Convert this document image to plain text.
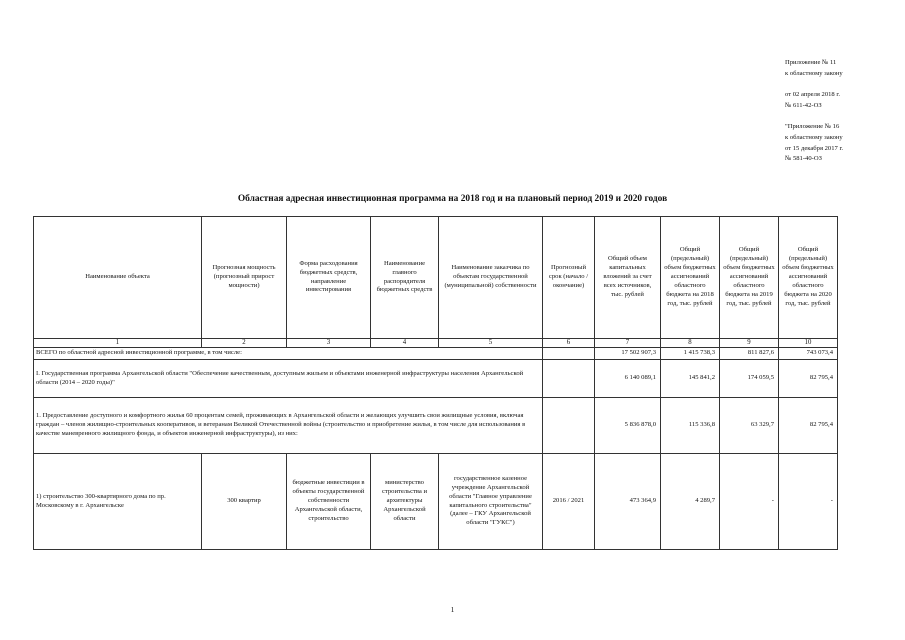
Приложение № 11
к областному закону
от 02 апреля 2018 г.
№ 611-42-ОЗ
"Приложение № 16
к областному закону
от 15 декабря 2017 г.
№ 581-40-ОЗ
Областная адресная инвестиционная программа на 2018 год и на плановый период 2019 и 2020 годов
Наименование объекта	Прогнозная мощность (прогнозный прирост мощности)	Форма расходования бюджетных средств, направление инвестирования	Наименование главного распорядителя бюджетных средств	Наименование заказчика по объектам государственной (муниципальной) собственности	Прогнозный срок (начало / окончание)	Общий объем капитальных вложений за счет всех источников, тыс. рублей	Общий (предельный) объем бюджетных ассигнований областного бюджета на 2018 год, тыс. рублей	Общий (предельный) объем бюджетных ассигнований областного бюджета на 2019 год, тыс. рублей	Общий (предельный) объем бюджетных ассигнований областного бюджета на 2020 год, тыс. рублей
1	2	3	4	5	6	7	8	9	10
ВСЕГО по областной адресной инвестиционной программе, в том числе:						17 502 907,3	1 415 738,3	811 827,6	743 073,4
I. Государственная программа Архангельской области "Обеспечение качественным, доступным жильем и объектами инженерной инфраструктуры населения Архангельской области (2014 – 2020 годы)"						6 140 089,1	145 841,2	174 059,5	82 795,4
1. Предоставление доступного и комфортного жилья 60 процентам семей, проживающих в Архангельской области и желающих улучшить свои жилищные условия, включая граждан – членов жилищно-строительных кооперативов, и ветеранам Великой Отечественной войны (строительство и приобретение жилья, в том числе для использования в качестве маневренного жилищного фонда, и объектов инженерной инфраструктуры), из них:						5 836 878,0	115 336,8	63 329,7	82 795,4
1) строительство 300-квартирного дома по пр. Московскому в г. Архангельске	300 квартир	бюджетные инвестиции в объекты государственной собственности Архангельской области, строительство	министерство строительства и архитектуры Архангельской области	государственное казенное учреждение Архангельской области "Главное управление капитального строительства" (далее – ГКУ Архангельской области "ГУКС")	2016 / 2021	473 364,9	4 289,7	-	-
1
